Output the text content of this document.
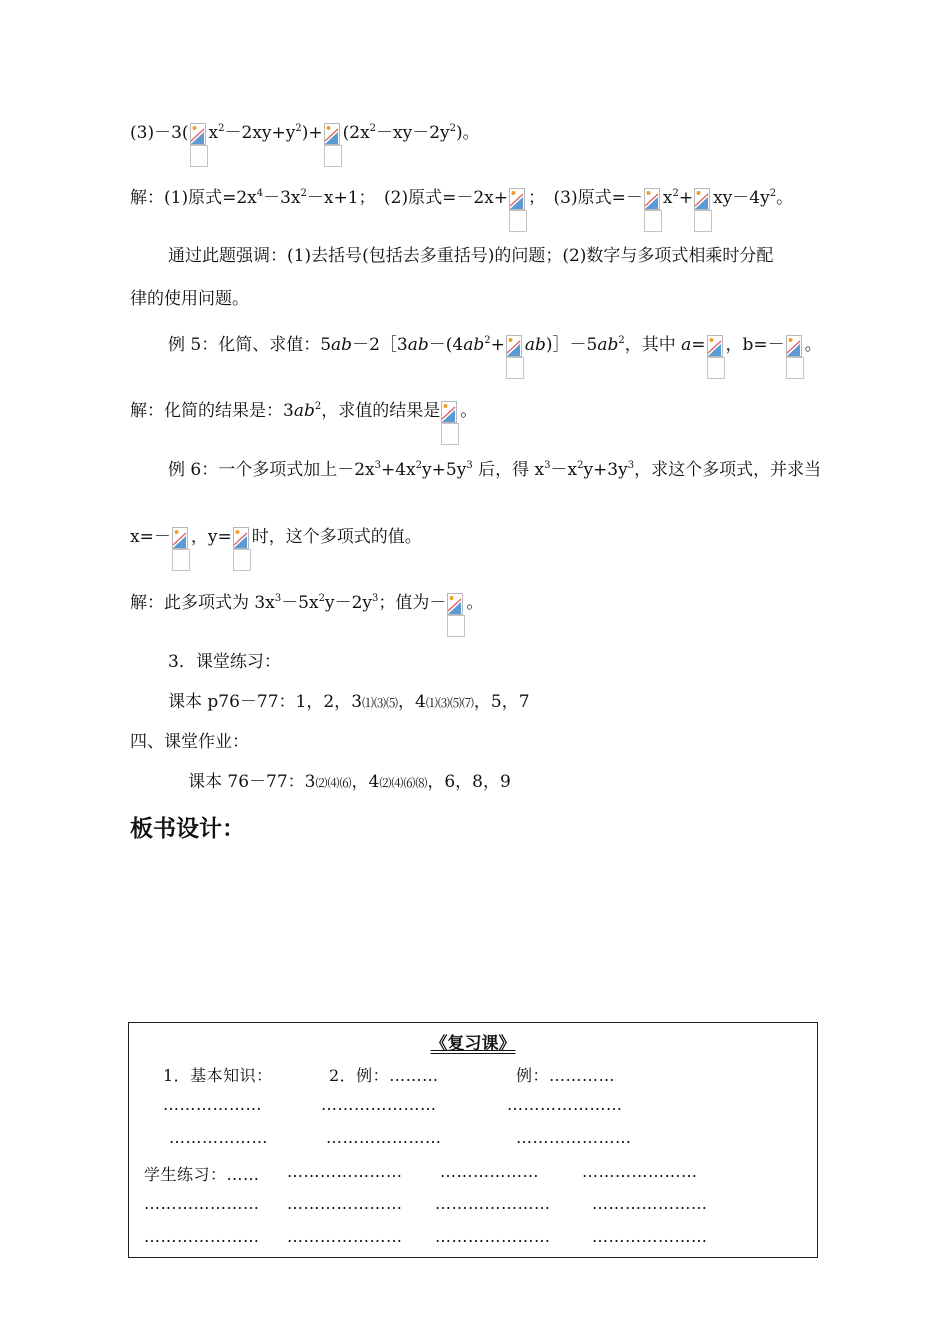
(3)－3( $x^2-2xy+y^2)+ (2x^2-xy-2y^2)$。
解：(1)原式$=2x^4-3x^2-x+1$；　(2)原式=－2x+ ；　(3)原式=－ $x^2+ xy-4y^2$。
通过此题强调：(1)去括号(包括去多重括号)的问题；(2)数字与多项式相乘时分配
律的使用问题。
例 5：化简、求值：$5ab-2[3ab-(4ab^2+$ $ab)]-5ab^2$，其中 a= ，b=－ 。
解：化简的结果是：$3ab^2$，求值的结果是 。
例 6：一个多项式加上$-2x^3+4x^2y+5y^3$ 后，得 $x^3-x^2y+3y^3$，求这个多项式，并求当
x=－ ，y= 时，这个多项式的值。
解：此多项式为 $3x^3-5x^2y-2y^3$；值为－ 。
3．课堂练习：
课本 p76－77：1，2，3⑴⑶⑸，4⑴⑶⑸⑺，5，7
四、课堂作业：
课本 76－77：3⑵⑷⑹，4⑵⑷⑹⑻，6，8，9
板书设计：
《复习课》
1．基本知识：	2．例：………	例：…………
………………	…………………	…………………
………………	…………………	…………………
学生练习：…… ………………… ………………	…………………
………………… ………………… …………………	…………………
………………… ………………… …………………	…………………
